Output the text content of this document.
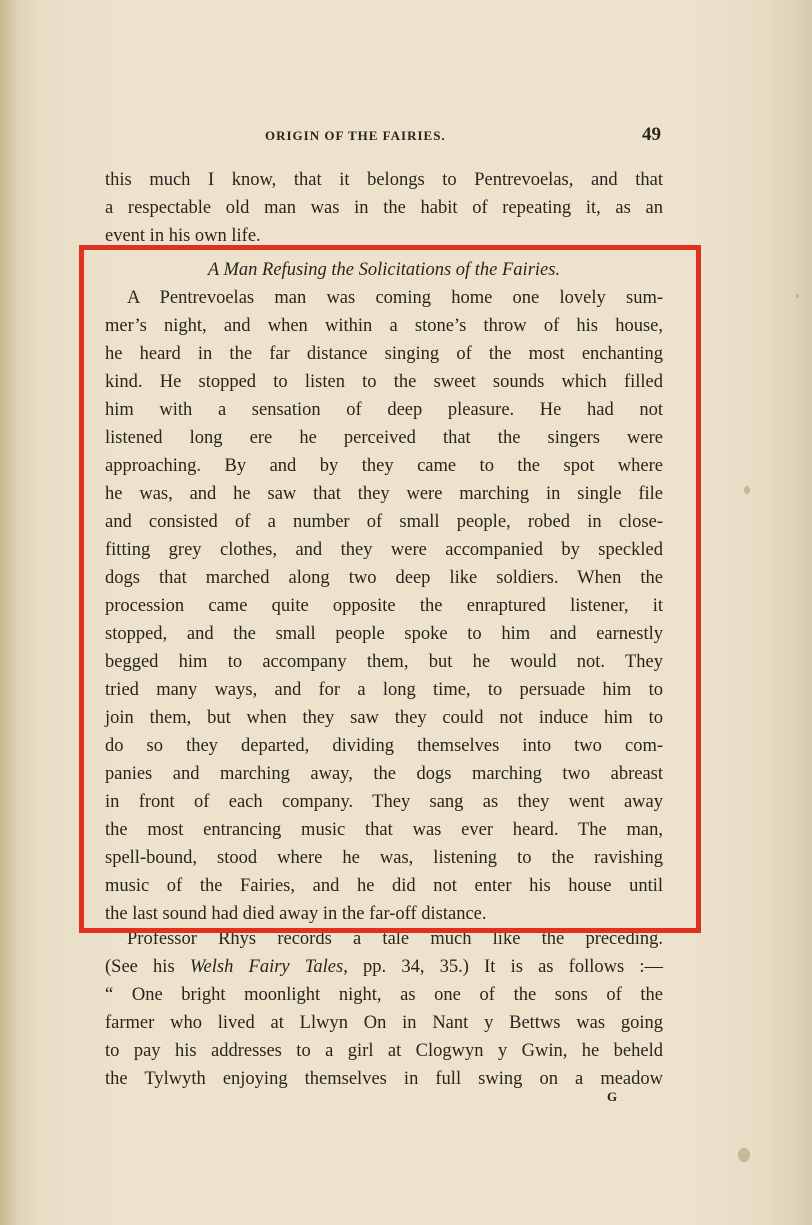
ORIGIN OF THE FAIRIES.	49
this much I know, that it belongs to Pentrevoelas, and that
a respectable old man was in the habit of repeating it, as an
event in his own life.
A Man Refusing the Solicitations of the Fairies.
A Pentrevoelas man was coming home one lovely sum-
mer’s night, and when within a stone’s throw of his house,
he heard in the far distance singing of the most enchanting
kind. He stopped to listen to the sweet sounds which filled
him with a sensation of deep pleasure. He had not
listened long ere he perceived that the singers were
approaching. By and by they came to the spot where
he was, and he saw that they were marching in single file
and consisted of a number of small people, robed in close-
fitting grey clothes, and they were accompanied by speckled
dogs that marched along two deep like soldiers. When the
procession came quite opposite the enraptured listener, it
stopped, and the small people spoke to him and earnestly
begged him to accompany them, but he would not. They
tried many ways, and for a long time, to persuade him to
join them, but when they saw they could not induce him to
do so they departed, dividing themselves into two com-
panies and marching away, the dogs marching two abreast
in front of each company. They sang as they went away
the most entrancing music that was ever heard. The man,
spell-bound, stood where he was, listening to the ravishing
music of the Fairies, and he did not enter his house until
the last sound had died away in the far-off distance.
Professor Rhys records a tale much like the preceding.
(See his Welsh Fairy Tales, pp. 34, 35.) It is as follows :—
“ One bright moonlight night, as one of the sons of the
farmer who lived at Llwyn On in Nant y Bettws was going
to pay his addresses to a girl at Clogwyn y Gwin, he beheld
the Tylwyth enjoying themselves in full swing on a meadow
G
